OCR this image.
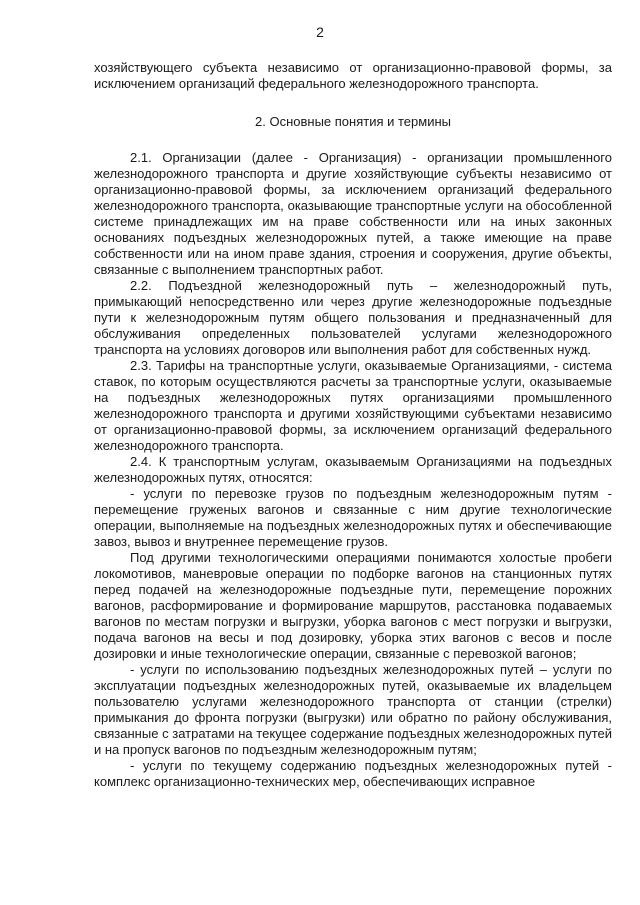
2

хозяйствующего субъекта независимо от организационно-правовой формы, за исключением организаций федерального железнодорожного транспорта.

2. Основные понятия и термины

2.1. Организации (далее - Организация) - организации промышленного железнодорожного транспорта и другие хозяйствующие субъекты независимо от организационно-правовой формы, за исключением организаций федерального железнодорожного транспорта, оказывающие транспортные услуги на обособленной системе принадлежащих им на праве собственности или на иных законных основаниях подъездных железнодорожных путей, а также имеющие на праве собственности или на ином праве здания, строения и сооружения, другие объекты, связанные с выполнением транспортных работ.

2.2. Подъездной железнодорожный путь – железнодорожный путь, примыкающий непосредственно или через другие железнодорожные подъездные пути к железнодорожным путям общего пользования и предназначенный для обслуживания определенных пользователей услугами железнодорожного транспорта на условиях договоров или выполнения работ для собственных нужд.

2.3. Тарифы на транспортные услуги, оказываемые Организациями, - система ставок, по которым осуществляются расчеты за транспортные услуги, оказываемые на подъездных железнодорожных путях организациями промышленного железнодорожного транспорта и другими хозяйствующими субъектами независимо от организационно-правовой формы, за исключением организаций федерального железнодорожного транспорта.

2.4. К транспортным услугам, оказываемым Организациями на подъездных железнодорожных путях, относятся:

- услуги по перевозке грузов по подъездным железнодорожным путям - перемещение груженых вагонов и связанные с ним другие технологические операции, выполняемые на подъездных железнодорожных путях и обеспечивающие завоз, вывоз и внутреннее перемещение грузов.

Под другими технологическими операциями понимаются холостые пробеги локомотивов, маневровые операции по подборке вагонов на станционных путях перед подачей на железнодорожные подъездные пути, перемещение порожних вагонов, расформирование и формирование маршрутов, расстановка подаваемых вагонов по местам погрузки и выгрузки, уборка вагонов с мест погрузки и выгрузки, подача вагонов на весы и под дозировку, уборка этих вагонов с весов и после дозировки и иные технологические операции, связанные с перевозкой вагонов;

- услуги по использованию подъездных железнодорожных путей – услуги по эксплуатации подъездных железнодорожных путей, оказываемые их владельцем пользователю услугами железнодорожного транспорта от станции (стрелки) примыкания до фронта погрузки (выгрузки) или обратно по району обслуживания, связанные с затратами на текущее содержание подъездных железнодорожных путей и на пропуск вагонов по подъездным железнодорожным путям;

- услуги по текущему содержанию подъездных железнодорожных путей - комплекс организационно-технических мер, обеспечивающих исправное
